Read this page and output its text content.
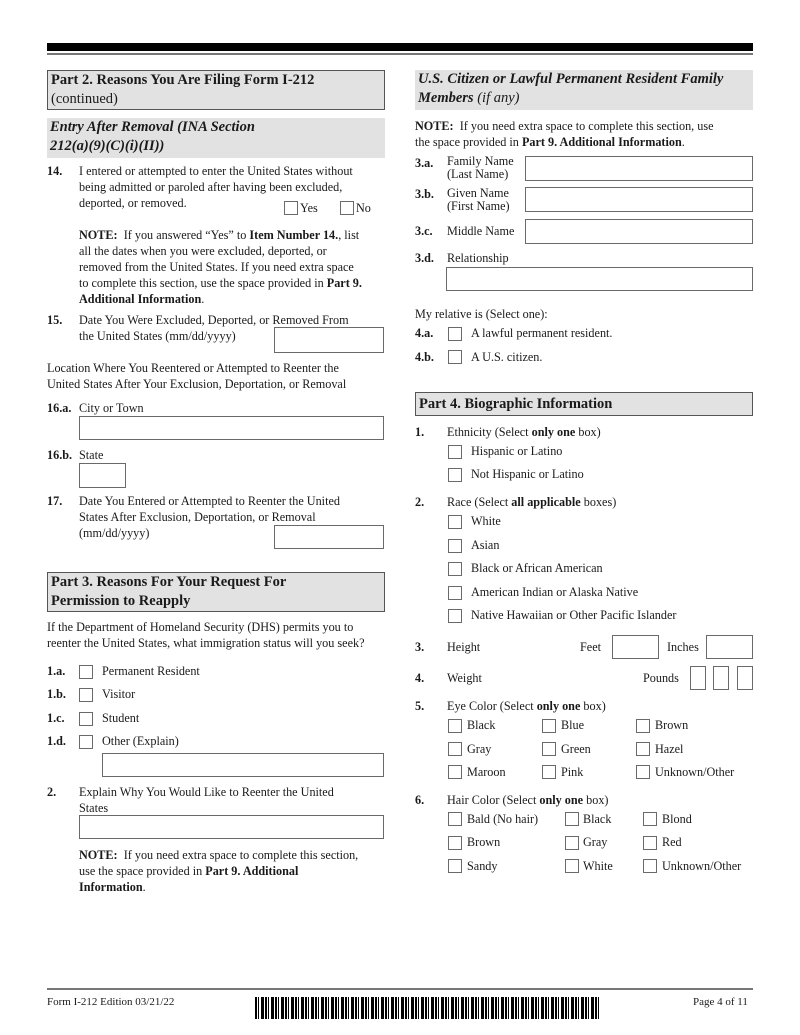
Part 2. Reasons You Are Filing Form I-212
(continued)
Entry After Removal (INA Section
212(a)(9)(C)(i)(II))
14. I entered or attempted to enter the United States without
being admitted or paroled after having been excluded,
deported, or removed.	Yes	No
NOTE: If you answered “Yes” to Item Number 14., list
all the dates when you were excluded, deported, or
removed from the United States. If you need extra space
to complete this section, use the space provided in Part 9.
Additional Information.
15. Date You Were Excluded, Deported, or Removed From
the United States (mm/dd/yyyy)
Location Where You Reentered or Attempted to Reenter the
United States After Your Exclusion, Deportation, or Removal
16.a. City or Town
16.b. State
17. Date You Entered or Attempted to Reenter the United
States After Exclusion, Deportation, or Removal
(mm/dd/yyyy)
Part 3. Reasons For Your Request For
Permission to Reapply
If the Department of Homeland Security (DHS) permits you to
reenter the United States, what immigration status will you seek?
1.a.	Permanent Resident
1.b.	Visitor
1.c.	Student
1.d.	Other (Explain)
2. Explain Why You Would Like to Reenter the United
States
NOTE: If you need extra space to complete this section,
use the space provided in Part 9. Additional
Information.
U.S. Citizen or Lawful Permanent Resident Family
Members (if any)
NOTE: If you need extra space to complete this section, use
the space provided in Part 9. Additional Information.
3.a. Family Name
(Last Name)
3.b. Given Name
(First Name)
3.c. Middle Name
3.d. Relationship
My relative is (Select one):
4.a.	A lawful permanent resident.
4.b.	A U.S. citizen.
Part 4. Biographic Information
1. Ethnicity (Select only one box)
Hispanic or Latino
Not Hispanic or Latino
2. Race (Select all applicable boxes)
White
Asian
Black or African American
American Indian or Alaska Native
Native Hawaiian or Other Pacific Islander
3. Height	Feet	Inches
4. Weight	Pounds
5. Eye Color (Select only one box)
Black	Blue	Brown
Gray	Green	Hazel
Maroon	Pink	Unknown/Other
6. Hair Color (Select only one box)
Bald (No hair)	Black	Blond
Brown	Gray	Red
Sandy	White	Unknown/Other
Form I-212 Edition 03/21/22	Page 4 of 11
